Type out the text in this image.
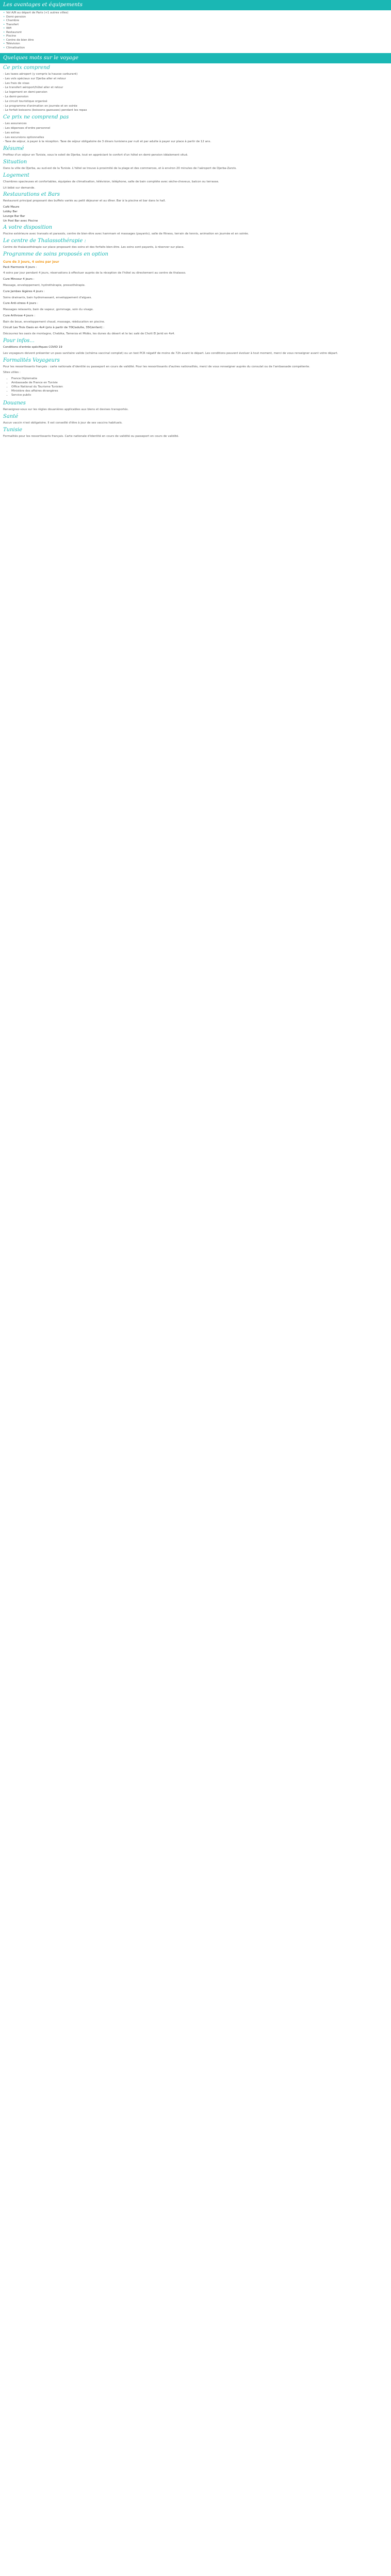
Les avantages et équipements
• Vol A/R au départ de Paris (+1 autres villes)
• Demi-pension
• Chambre
• Transfert
• Wifi
• Restaurant
• Piscine
• Centre de bien être
• Télévision
• Climatisation
Quelques mots sur le voyage
Ce prix comprend
- Les taxes aéroport (y compris la hausse carburant)
- Les vols spéciaux sur Djerba aller et retour
- Les frais de visas
- Le transfert aéroport/hôtel aller et retour
- Le logement en demi-pension
- La demi-pension
- Le circuit touristique organisé
- Le programme d'animation en journée et en soirée
- Le forfait boissons (boissons gazeuses) pendant les repas
Ce prix ne comprend pas
- Les assurances
- Les dépenses d'ordre personnel
- Les extras
- Les excursions optionnelles
- Taxe de séjour, à payer à la réception. Taxe de séjour obligatoire de 3 dinars tunisiens par nuit et par adulte à payer sur place à partir de 12 ans.
Résumé

Profitez d'un séjour en Tunisie, sous le soleil de Djerba, tout en appréciant le confort d'un hôtel en demi-pension idéalement situé.

Situation

Dans la ville de Djerba, au sud-est de la Tunisie. L'hôtel se trouve à proximité de la plage et des commerces, et à environ 20 minutes de l'aéroport de Djerba-Zarzis.

Logement

Chambres spacieuses et confortables, équipées de climatisation, télévision, téléphone, salle de bain complète avec sèche-cheveux, balcon ou terrasse.

Lit bébé sur demande.

Restaurations et Bars

Restaurant principal proposant des buffets variés au petit déjeuner et au dîner. Bar à la piscine et bar dans le hall.

Café Maure
Lobby Bar
Lounge Bar Bar
Un Pool Bar avec Piscine
A votre disposition

Piscine extérieure avec transats et parasols, centre de bien-être avec hammam et massages (payants), salle de fitness, terrain de tennis, animation en journée et en soirée.

Le centre de Thalassothérapie :

Centre de thalassothérapie sur place proposant des soins et des forfaits bien-être. Les soins sont payants, à réserver sur place.

Programme de soins proposés en option

Cure de 3 jours, 4 soins par jour

Pack Harmonie 4 jours :

4 soins par jour pendant 4 jours, réservations à effectuer auprès de la réception de l'hôtel ou directement au centre de thalasso.

Cure Minceur 4 jours :

Massage, enveloppement, hydrothérapie, pressothérapie.

Cure Jambes légères 4 jours :

Soins drainants, bain hydromassant, enveloppement d'algues.

Cure Anti-stress 4 jours :

Massages relaxants, bain de vapeur, gommage, soin du visage.

Cure Arthrose 4 jours :

Bain de boue, enveloppement chaud, massage, rééducation en piscine.

Circuit Les Trois Oasis en 4x4 (prix à partir de 70€/adulte, 35€/enfant) :

Découvrez les oasis de montagne, Chebika, Tamerza et Midès, les dunes du désert et le lac salé de Chott El Jerid en 4x4.

Pour infos...

Conditions d'entrée spécifiques COVID 19

Les voyageurs doivent présenter un pass sanitaire valide (schéma vaccinal complet) ou un test PCR négatif de moins de 72h avant le départ. Les conditions peuvent évoluer à tout moment, merci de vous renseigner avant votre départ.

Formalités Voyageurs

Pour les ressortissants français : carte nationale d'identité ou passeport en cours de validité. Pour les ressortissants d'autres nationalités, merci de vous renseigner auprès du consulat ou de l'ambassade compétente.

Sites utiles :

• France Diplomatie
• Ambassade de France en Tunisie
• Office National du Tourisme Tunisien
• Ministère des affaires étrangères
• Service public
Douanes

Renseignez-vous sur les règles douanières applicables aux biens et devises transportés.

Santé

Aucun vaccin n'est obligatoire. Il est conseillé d'être à jour de ses vaccins habituels.

Tunisie

Formalités pour les ressortissants français. Carte nationale d'identité en cours de validité ou passeport en cours de validité.
